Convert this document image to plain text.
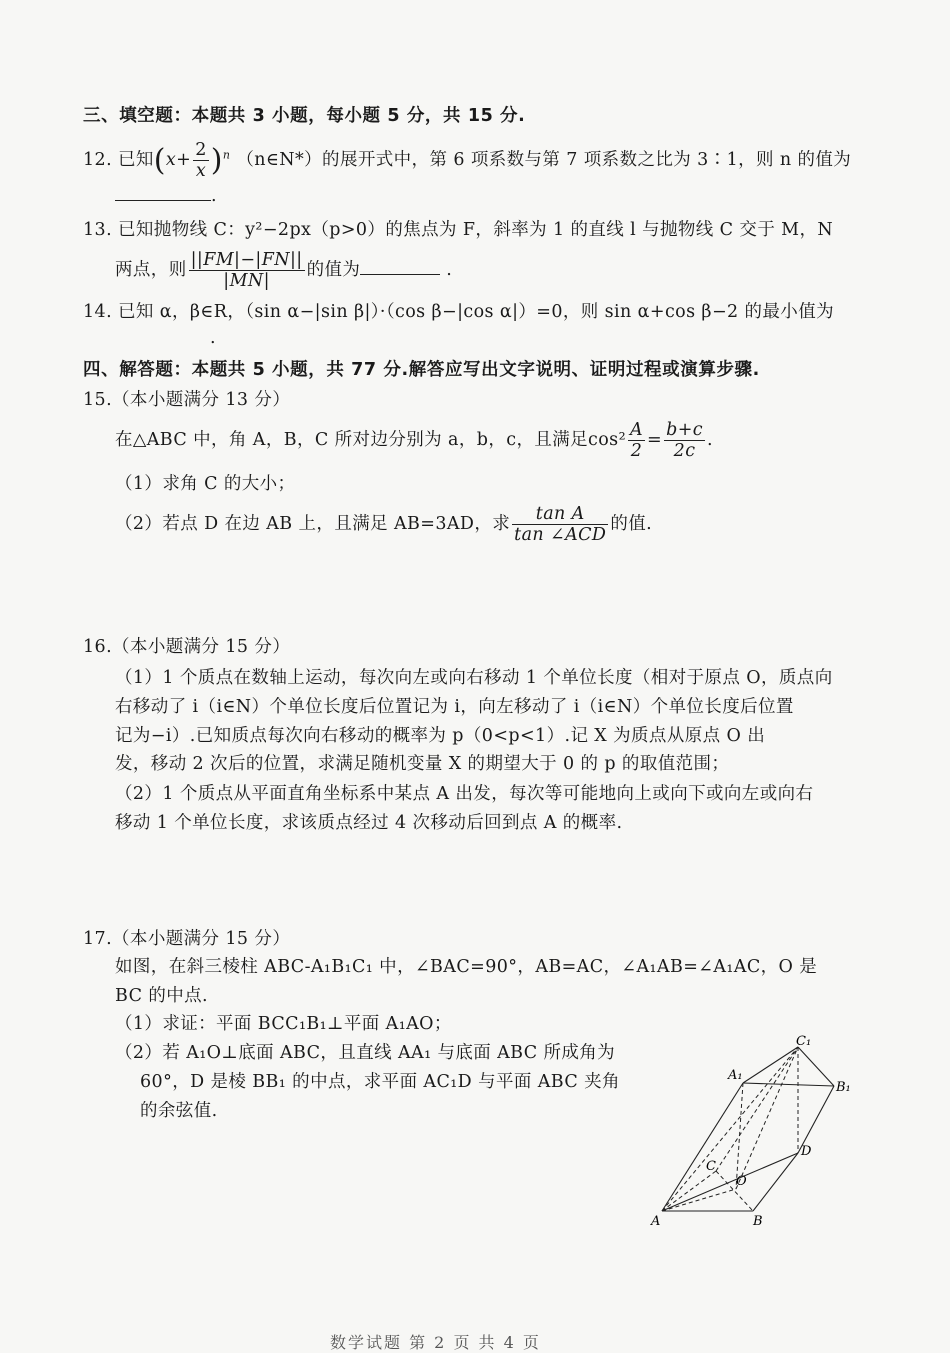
三、填空题：本题共 3 小题，每小题 5 分，共 15 分.
12. 已知$(x+ \frac{2}{x} )^n$ （n∈N*）的展开式中，第 6 项系数与第 7 项系数之比为 3∶1，则 n 的值为
.
13. 已知抛物线 C：y²−2px（p>0）的焦点为 F，斜率为 1 的直线 l 与抛物线 C 交于 M，N
两点，则 $\frac{||FM|-|FN||}{|MN|}$ 的值为	.
14. 已知 α，β∈R，（sin α−|sin β|）·（cos β−|cos α|）=0，则 sin α+cos β−2 的最小值为
.
四、解答题：本题共 5 小题，共 77 分.解答应写出文字说明、证明过程或演算步骤.
15.（本小题满分 13 分）
在△ABC 中，角 A，B，C 所对边分别为 a，b，c，且满足$\cos^2 \frac{A}{2} = \frac{b+c}{2c}$ .
（1）求角 C 的大小；
（2）若点 D 在边 AB 上，且满足 AB=3AD，求 $\frac{\text{tan A}}{\text{tan ∠ACD}}$ 的值.
16.（本小题满分 15 分）
（1）1 个质点在数轴上运动，每次向左或向右移动 1 个单位长度（相对于原点 O，质点向
右移动了 i（i∈N）个单位长度后位置记为 i，向左移动了 i（i∈N）个单位长度后位置
记为−i）.已知质点每次向右移动的概率为 p（0<p<1）.记 X 为质点从原点 O 出
发，移动 2 次后的位置，求满足随机变量 X 的期望大于 0 的 p 的取值范围；
（2）1 个质点从平面直角坐标系中某点 A 出发，每次等可能地向上或向下或向左或向右
移动 1 个单位长度，求该质点经过 4 次移动后回到点 A 的概率.
17.（本小题满分 15 分）
如图，在斜三棱柱 ABC-A₁B₁C₁ 中，∠BAC=90°，AB=AC，∠A₁AB=∠A₁AC，O 是
BC 的中点.
（1）求证：平面 BCC₁B₁⊥平面 A₁AO；
（2）若 A₁O⊥底面 ABC，且直线 AA₁ 与底面 ABC 所成角为
60°，D 是棱 BB₁ 的中点，求平面 AC₁D 与平面 ABC 夹角
的余弦值.
C₁
A₁
B₁
C
D
O
A	B
数学试题 第 2 页 共 4 页
